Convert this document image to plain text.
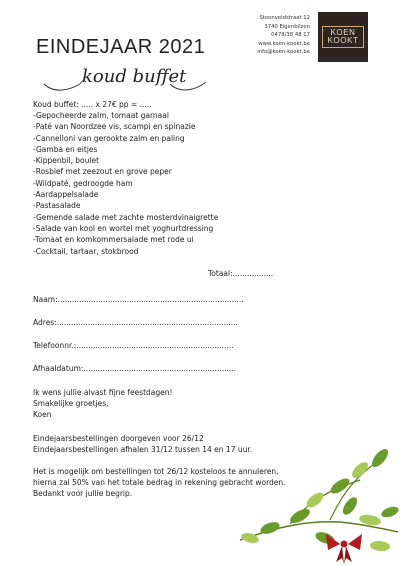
EINDEJAAR 2021
Steenveldstraat 12
3740 Eigenbilzen
0478/38 48 17
www.koen-kookt.be
info@koen-kookt.be
KOEN
KOOKT
koud buffet
Koud buffet: ..... x 27€ pp = .....
-Gepocheerde zalm, tomaat garnaal
-Paté van Noordzee vis, scampi en spinazie
-Cannelloni van gerookte zalm en paling
-Gamba en eitjes
-Kippenbil, boulet
-Rosbief met zeezout en grove peper
-Wildpaté, gedroogde ham
-Aardappelsalade
-Pastasalade
-Gemende salade met zachte mosterdvinaigrette
-Salade van kool en wortel met yoghurtdressing
-Tomaat en komkommersalade met rode ui
-Cocktail, tartaar, stokbrood
Totaal:.................
Naam:..............................................................................
Adres:............................................................................
Telefoonnr.:..................................................................
Afhaaldatum:................................................................
Ik wens jullie alvast fijne feestdagen!
Smakelijke groetjes,
Koen
Eindejaarsbestellingen doorgeven voor 26/12
Eindejaarsbestellingen afhalen 31/12 tussen 14 en 17 uur.
Het is mogelijk om bestellingen tot 26/12 kosteloos te annuleren,
hierna zal 50% van het totale bedrag in rekening gebracht worden.
Bedankt voor jullie begrip.
